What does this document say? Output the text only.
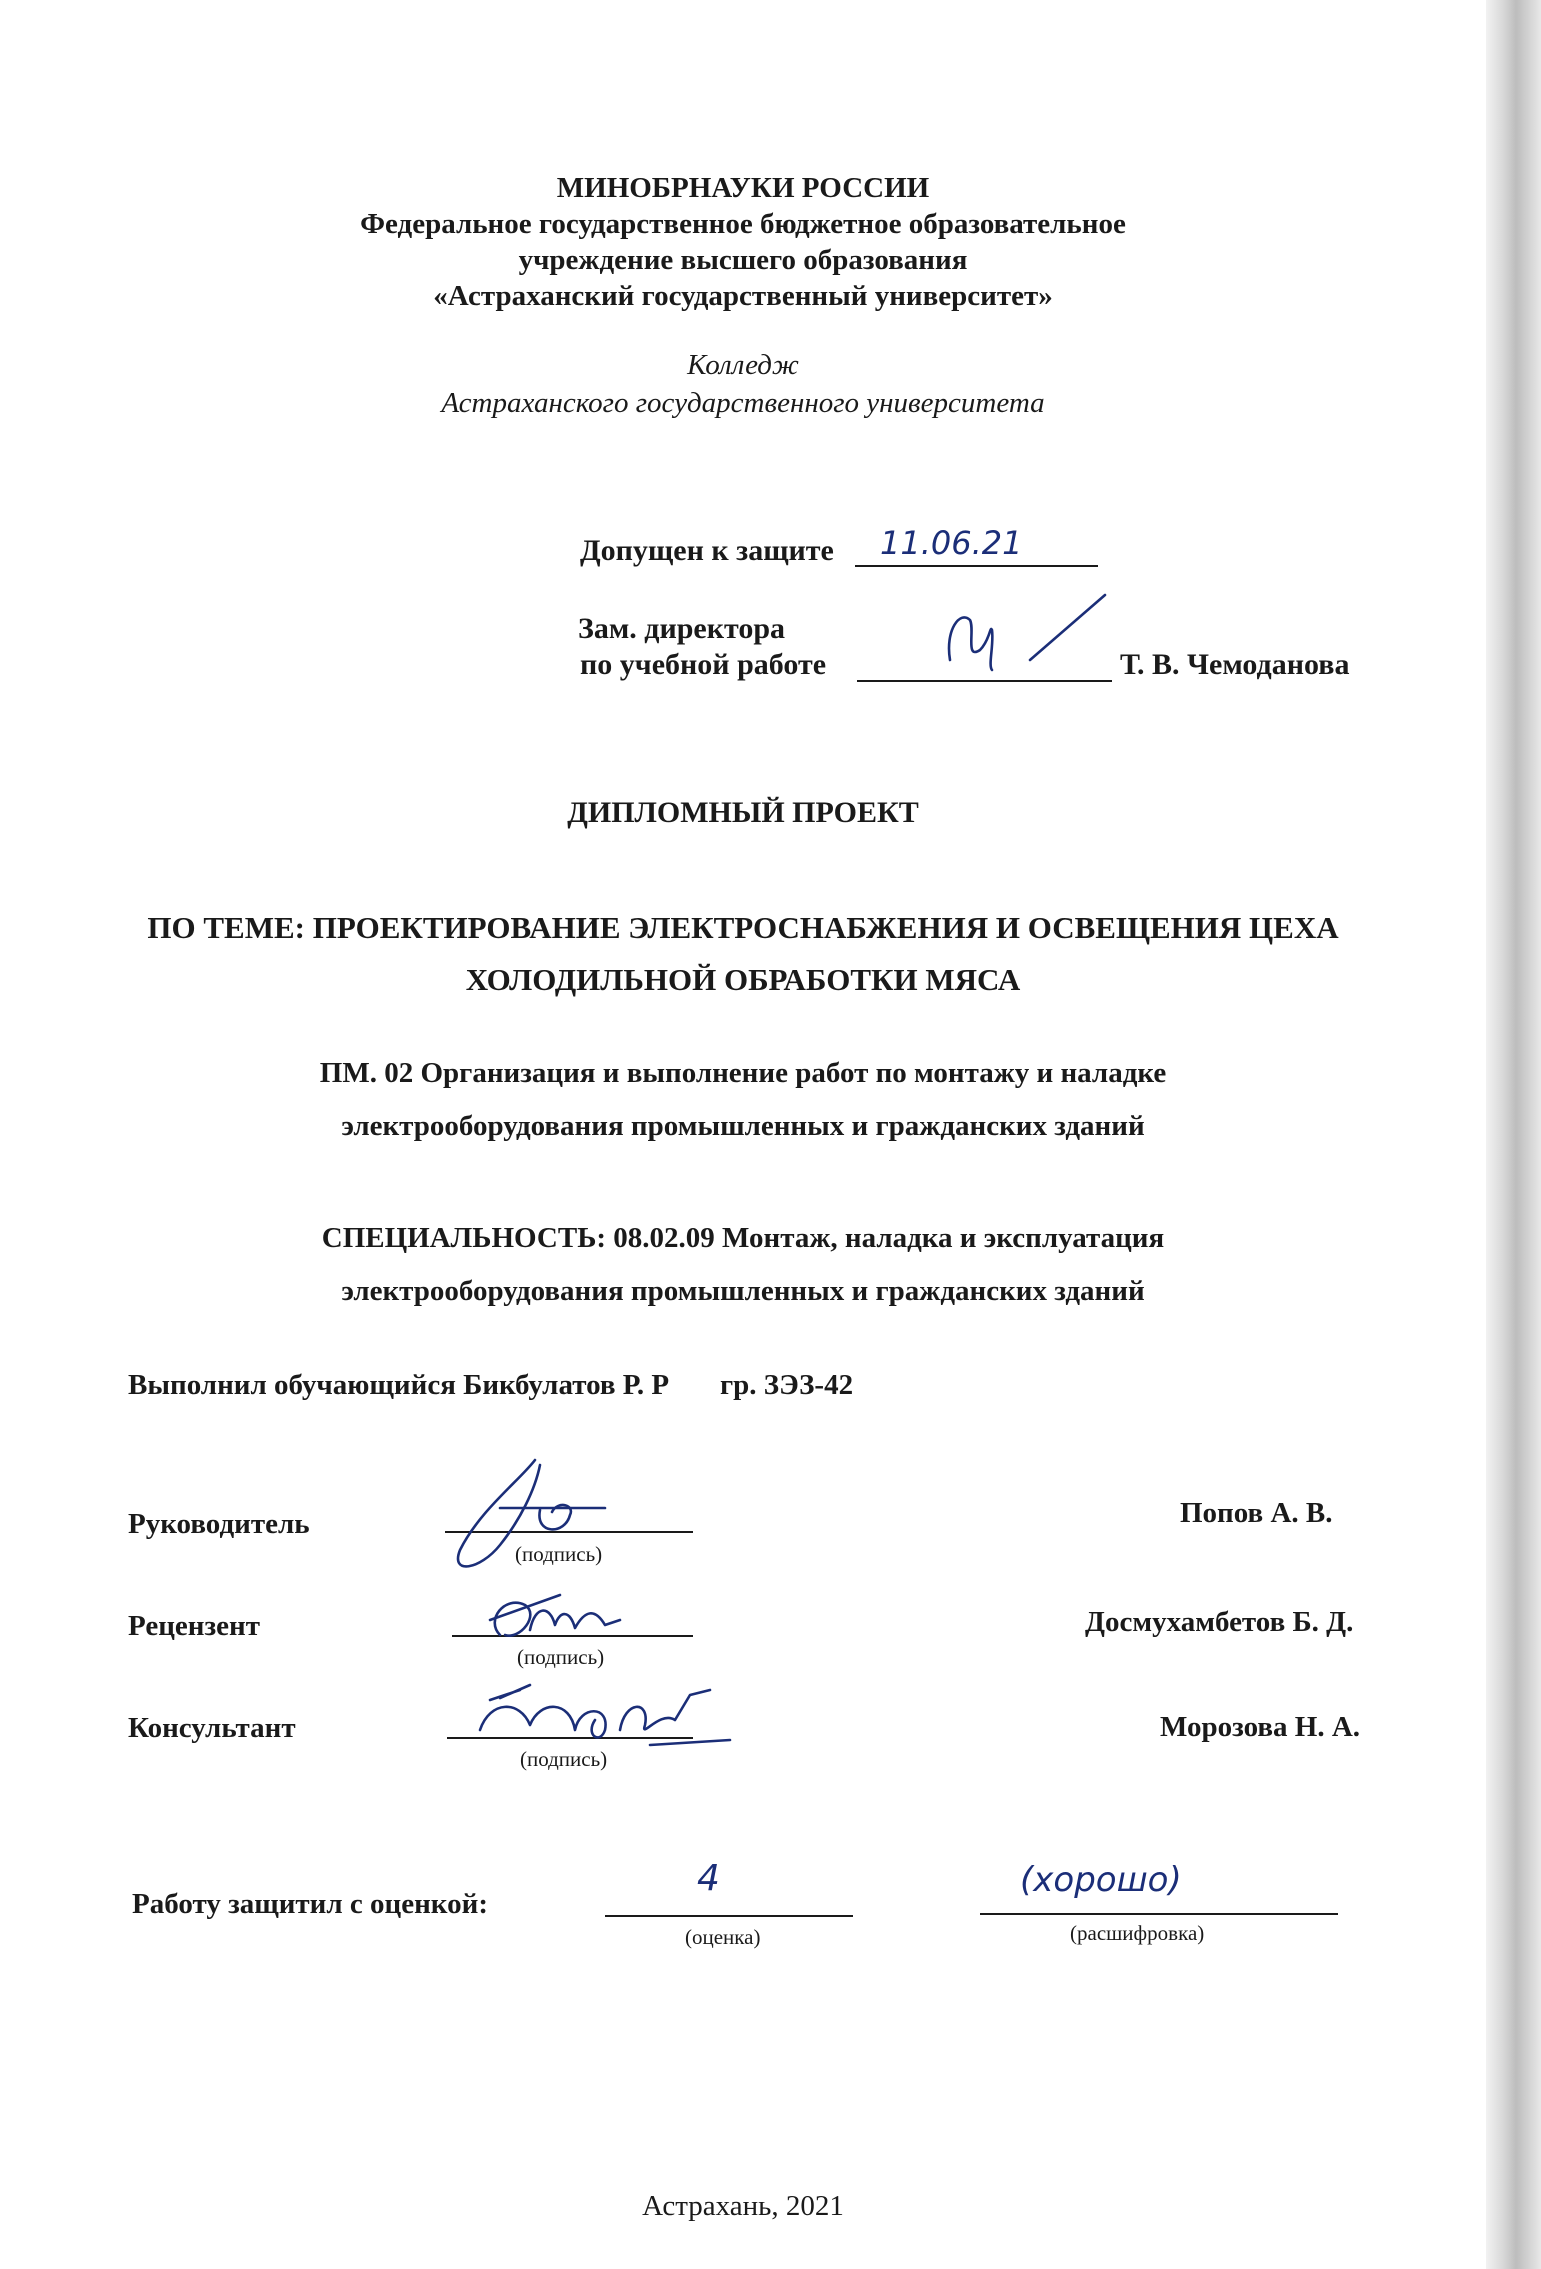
МИНОБРНАУКИ РОССИИ
Федеральное государственное бюджетное образовательное
учреждение высшего образования
«Астраханский государственный университет»
Колледж
Астраханского государственного университета
Допущен к защите 11.06.21
Зам. директора
по учебной работе	Т. В. Чемоданова
ДИПЛОМНЫЙ ПРОЕКТ
ПО ТЕМЕ: ПРОЕКТИРОВАНИЕ ЭЛЕКТРОСНАБЖЕНИЯ И ОСВЕЩЕНИЯ ЦЕХА
ХОЛОДИЛЬНОЙ ОБРАБОТКИ МЯСА
ПМ. 02 Организация и выполнение работ по монтажу и наладке
электрооборудования промышленных и гражданских зданий
СПЕЦИАЛЬНОСТЬ: 08.02.09 Монтаж, наладка и эксплуатация
электрооборудования промышленных и гражданских зданий
Выполнил обучающийся Бикбулатов Р. Р гр. ЗЭЗ-42
Руководитель
(подпись)
Попов А. В.
Рецензент
(подпись)
Досмухамбетов Б. Д.
Консультант
(подпись)
Морозова Н. А.
Работу защитил с оценкой:
4
(оценка)
(хорошо)
(расшифровка)
Астрахань, 2021
